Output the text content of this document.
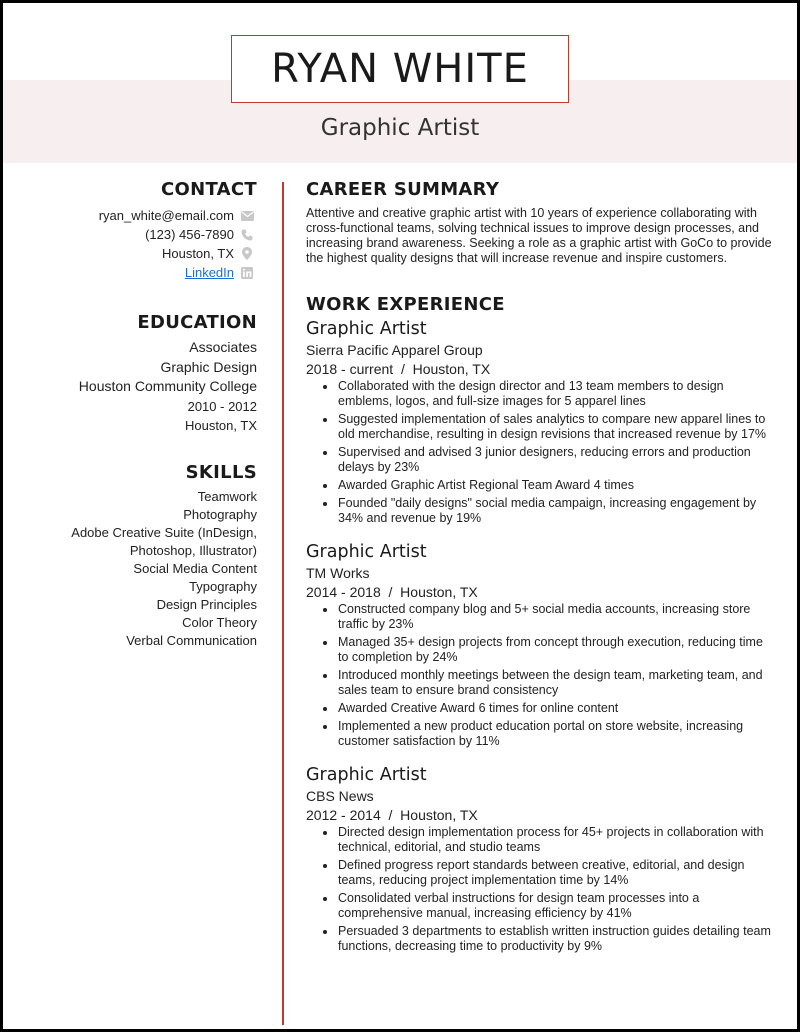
RYAN WHITE
Graphic Artist
CONTACT
ryan_white@email.com
(123) 456-7890
Houston, TX
LinkedIn
EDUCATION
Associates
Graphic Design
Houston Community College
2010 - 2012
Houston, TX
SKILLS
Teamwork
Photography
Adobe Creative Suite (InDesign,
Photoshop, Illustrator)
Social Media Content
Typography
Design Principles
Color Theory
Verbal Communication
CAREER SUMMARY
Attentive and creative graphic artist with 10 years of experience collaborating with cross-functional teams, solving technical issues to improve design processes, and increasing brand awareness. Seeking a role as a graphic artist with GoCo to provide the highest quality designs that will increase revenue and inspire customers.
WORK EXPERIENCE
Graphic Artist
Sierra Pacific Apparel Group
2018 - current  /  Houston, TX
Collaborated with the design director and 13 team members to design emblems, logos, and full-size images for 5 apparel lines
Suggested implementation of sales analytics to compare new apparel lines to old merchandise, resulting in design revisions that increased revenue by 17%
Supervised and advised 3 junior designers, reducing errors and production delays by 23%
Awarded Graphic Artist Regional Team Award 4 times
Founded "daily designs" social media campaign, increasing engagement by 34% and revenue by 19%
Graphic Artist
TM Works
2014 - 2018  /  Houston, TX
Constructed company blog and 5+ social media accounts, increasing store traffic by 23%
Managed 35+ design projects from concept through execution, reducing time to completion by 24%
Introduced monthly meetings between the design team, marketing team, and sales team to ensure brand consistency
Awarded Creative Award 6 times for online content
Implemented a new product education portal on store website, increasing customer satisfaction by 11%
Graphic Artist
CBS News
2012 - 2014  /  Houston, TX
Directed design implementation process for 45+ projects in collaboration with technical, editorial, and studio teams
Defined progress report standards between creative, editorial, and design teams, reducing project implementation time by 14%
Consolidated verbal instructions for design team processes into a comprehensive manual, increasing efficiency by 41%
Persuaded 3 departments to establish written instruction guides detailing team functions, decreasing time to productivity by 9%
